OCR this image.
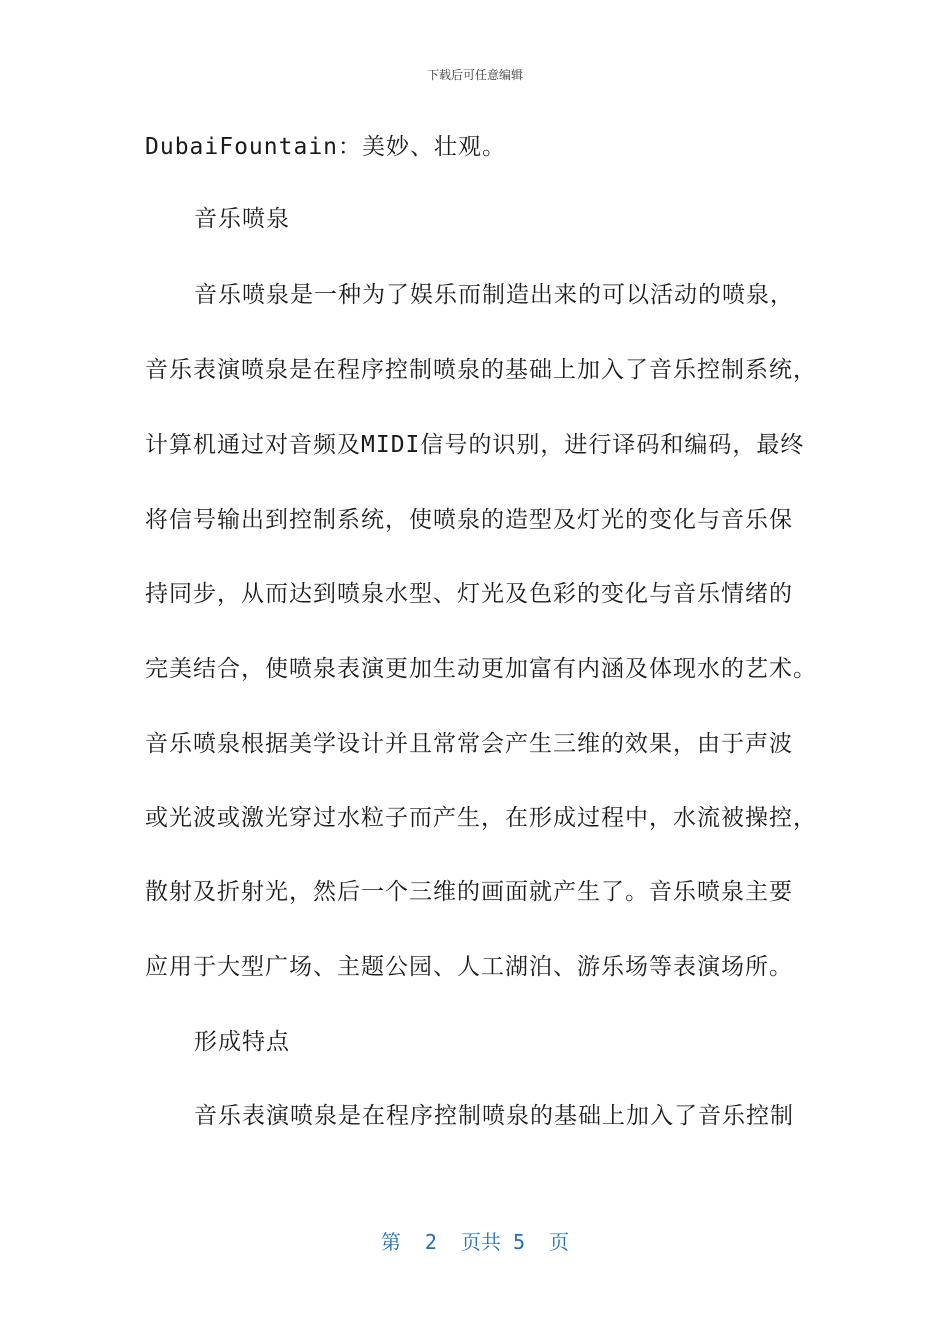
下载后可任意编辑
DubaiFountain：美妙、壮观。
音乐喷泉
音乐喷泉是一种为了娱乐而制造出来的可以活动的喷泉，
音乐表演喷泉是在程序控制喷泉的基础上加入了音乐控制系统，
计算机通过对音频及MIDI信号的识别，进行译码和编码，最终
将信号输出到控制系统，使喷泉的造型及灯光的变化与音乐保
持同步，从而达到喷泉水型、灯光及色彩的变化与音乐情绪的
完美结合，使喷泉表演更加生动更加富有内涵及体现水的艺术。
音乐喷泉根据美学设计并且常常会产生三维的效果，由于声波
或光波或激光穿过水粒子而产生，在形成过程中，水流被操控，
散射及折射光，然后一个三维的画面就产生了。音乐喷泉主要
应用于大型广场、主题公园、人工湖泊、游乐场等表演场所。
形成特点
音乐表演喷泉是在程序控制喷泉的基础上加入了音乐控制
第  2  页共 5  页
